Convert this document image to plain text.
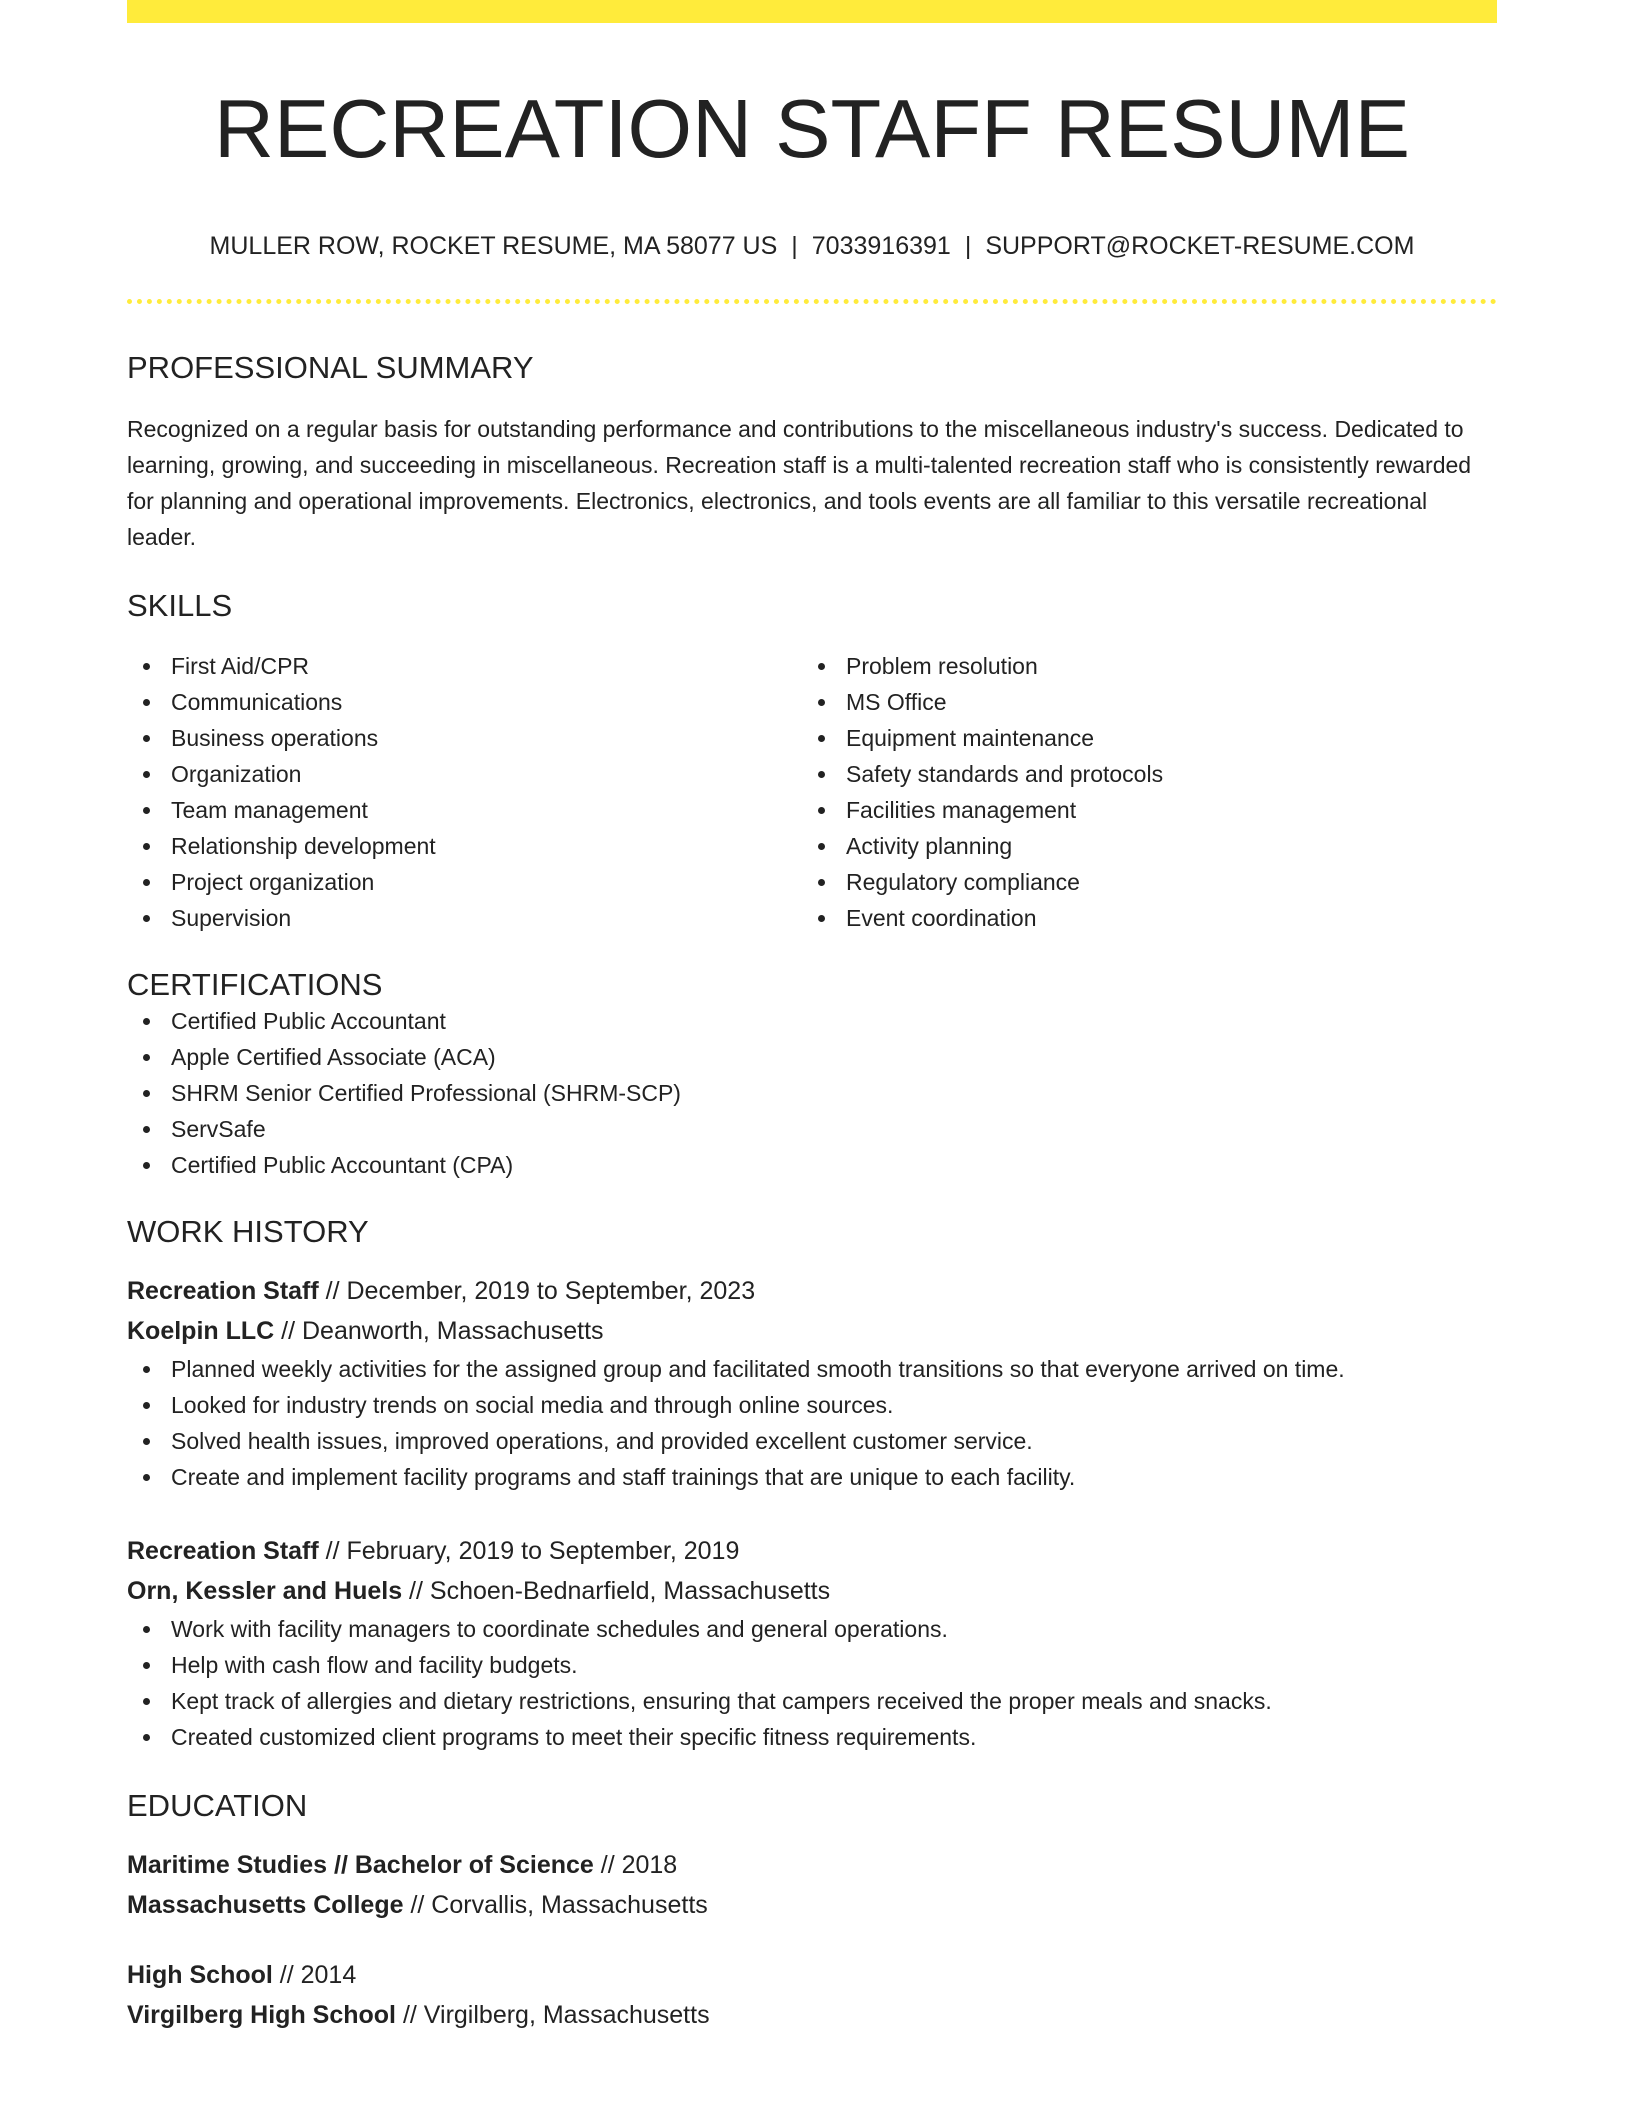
RECREATION STAFF RESUME
MULLER ROW, ROCKET RESUME, MA 58077 US | 7033916391 | SUPPORT@ROCKET-RESUME.COM
PROFESSIONAL SUMMARY

Recognized on a regular basis for outstanding performance and contributions to the miscellaneous industry's success. Dedicated to learning, growing, and succeeding in miscellaneous. Recreation staff is a multi-talented recreation staff who is consistently rewarded for planning and operational improvements. Electronics, electronics, and tools events are all familiar to this versatile recreational leader.

SKILLS
First Aid/CPR
Communications
Business operations
Organization
Team management
Relationship development
Project organization
Supervision
Problem resolution
MS Office
Equipment maintenance
Safety standards and protocols
Facilities management
Activity planning
Regulatory compliance
Event coordination
CERTIFICATIONS
Certified Public Accountant
Apple Certified Associate (ACA)
SHRM Senior Certified Professional (SHRM-SCP)
ServSafe
Certified Public Accountant (CPA)
WORK HISTORY
Recreation Staff // December, 2019 to September, 2023
Koelpin LLC // Deanworth, Massachusetts
Planned weekly activities for the assigned group and facilitated smooth transitions so that everyone arrived on time.
Looked for industry trends on social media and through online sources.
Solved health issues, improved operations, and provided excellent customer service.
Create and implement facility programs and staff trainings that are unique to each facility.
Recreation Staff // February, 2019 to September, 2019
Orn, Kessler and Huels // Schoen-Bednarfield, Massachusetts
Work with facility managers to coordinate schedules and general operations.
Help with cash flow and facility budgets.
Kept track of allergies and dietary restrictions, ensuring that campers received the proper meals and snacks.
Created customized client programs to meet their specific fitness requirements.
EDUCATION
Maritime Studies // Bachelor of Science // 2018
Massachusetts College // Corvallis, Massachusetts
High School // 2014
Virgilberg High School // Virgilberg, Massachusetts
